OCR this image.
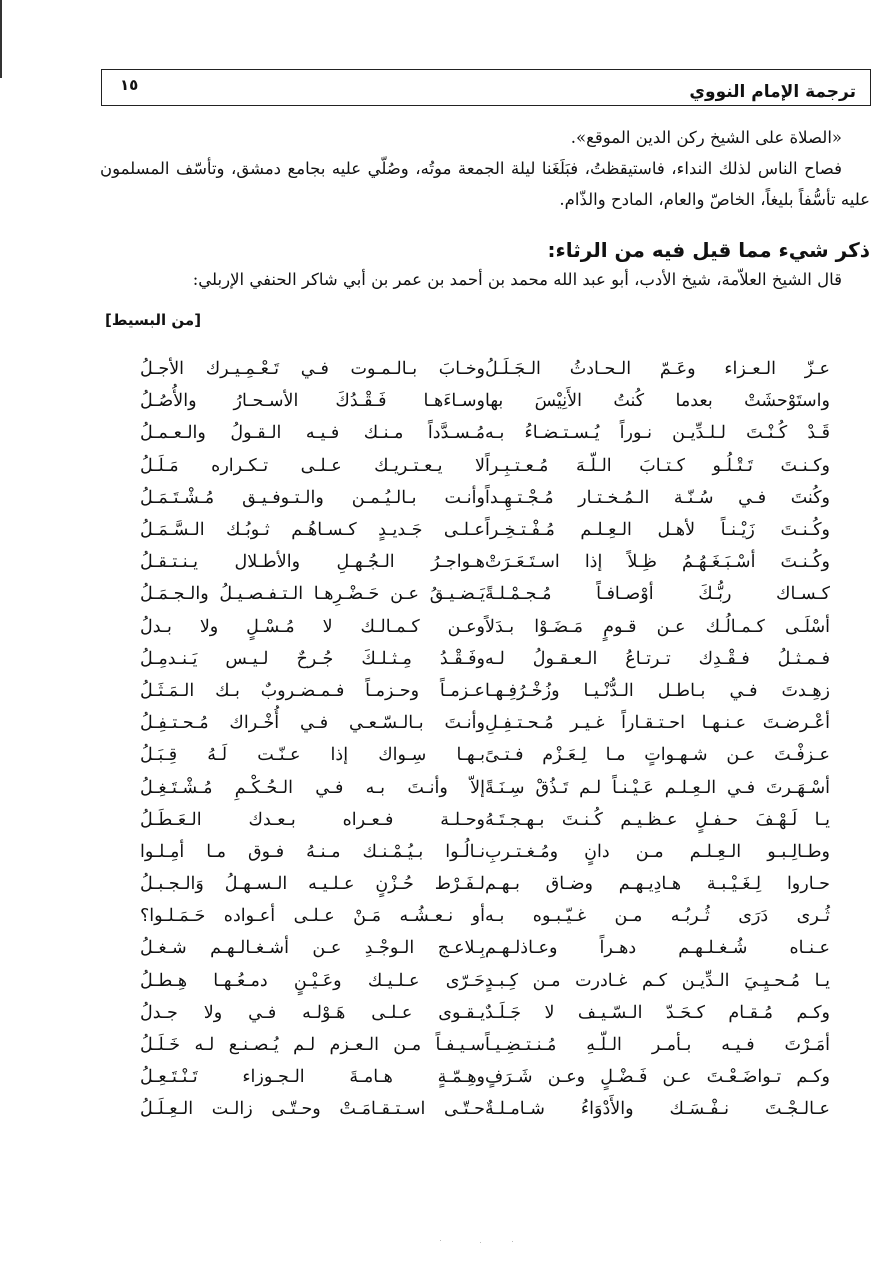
ترجمة الإمام النووي
١٥

«الصلاة على الشيخ ركن الدين الموقع».

فصاح الناس لذلك النداء، فاستيقظتُ، فبَلَغَنا ليلة الجمعة موتُه، وصُلّي عليه بجامع دمشق، وتأسّف المسلمون عليه تأسُّفاً بليغاً، الخاصّ والعام، المادح والذّام.

ذكر شيء مما قيل فيه من الرثاء:

قال الشيخ العلاّمة، شيخ الأدب، أبو عبد الله محمد بن أحمد بن عمر بن أبي شاكر الحنفي الإربلي:

[من البسيط]

عـزّ الـعـزاء وعَـمّ الـحـادثُ الـجَـلَـلُ
وخـابَ بـالـمـوت فـي تَـعْـمِـيـرك الأجـلُ
واستَوْحشَتْ بعدما كُنتُ الأَنِيْسَ بها
وسـاءَهـا فَـقْـدُكَ الأسـحـارُ والأُصُـلُ
قَـدْ كُـنْـتَ لـلـدِّيـن نـوراً يُـسـتـضـاءُ بـه
مُـسـدَّداً مـنـك فـيـه الـقـولُ والـعـمـلُ
وكـنـتَ تَـتْـلُـو كـتـابَ الـلّـهَ مُـعـتـبِـراً
لا يـعـتـريـك عـلـى تـكـراره مَـلَـلُ
وكُنتَ فـي سُـنّـة الـمُـخـتـار مُـجْـتـهِـداً
وأنـت بـالـيُـمـن والـتـوفـيـق مُـشْـتَـمَـلُ
وكُـنـتَ زَيْـنـاً لأهـل الـعِـلـم مُـفْـتـخِـراً
عـلـى جَـديـدٍ كـسـاهُـم ثـوبُـك الـسَّـمَـلُ
وكُـنـتَ أسْـبَـغَـهُـمُ ظِـلاً إذا اسـتَـعَـرَتْ
هـواجـرُ الـجُـهـلِ والأطـلال يـنـتـقـلُ
كـسـاك ربُّـكَ أوْصـافـاً مُـجـمْـلـةً
يَـضـيـقُ عـن حَـضْـرِهـا الـتـفـصـيـلُ والـجـمَـلُ
أسْلَـى كـمـالُـك عـن قـومٍ مَـضَـوْا بـدَلاً
وعـن كـمـالـك لا مُـسْـلٍ ولا بـدلُ
فـمـثـلُ فـقْـدِك تـرتـاعُ الـعـقـولُ لـه
وفَـقْـدُ مِـثـلـكَ جُـرحٌ لـيـس يَـنـدمِـلُ
زهِـدتَ فـي بـاطـل الـدُّنْـيـا وزُخْـرُفِـهـا
عـزمـاً وحـزمـاً فـمـضـروبٌ بـك الـمَـثَـلُ
أعْـرضـتَ عـنـهـا احـتـقـاراً غـيـر مُـحـتـفِـلِ
وأنـتَ بـالـسّـعـي فـي أُخْـراك مُـحـتـفِـلُ
عـزفْـتَ عـن شـهـواتٍ مـا لِـعَـزْم فـتـىً
بـهـا سِـواك إذا عـنّـت لَـهُ قِـبَـلُ
أسْـهَـرتَ فـي الـعِـلـم عَـيْـنـاً لـم تَـذُقْ سِـنَـةً
إلاّ وأنـتَ بـه فـي الـحُـكْـمِ مُـشْـتَـغِـلُ
يـا لَـهْـفَ حـفـلٍ عـظـيـم كُـنـتَ بـهـجـتَـهُ
وحـلـة فـعـراه بـعـدك الـعَـطَـلُ
وطـالِـبـو الـعِـلـم مـن دانٍ ومُـغـتـربِ
نـالُـوا بـيُـمْـنـك مـنـهُ فـوق مـا أمِـلـوا
حـاروا لِـغَـيْـبـة هـادِيـهـم وضـاق بـهـم
لـفَـرْط حُـزْنٍ عـلـيـه الـسـهـلُ وَالـجـبـلُ
ثُـرى دَرَى ثُـربُـه مـن غـيّـبـوه بـه
أو نـعـشُـه مَـنْ عـلـى أعـواده حَـمَـلـوا؟
عـنـاه شُـغـلـهـم دهـراً وعـاذلـهـم
بِـلاعـج الـوجْـدِ عـن أشـغـالـهـم شـغـلُ
يـا مُـحـيِـيَ الـدِّيـن كـم غـادرت مـن كِـبـدٍ
حَـرّى عـلـيـك وعَـيْـنٍ دمـعُـهـا هِـطـلُ
وكـم مُـقـام كـحَـدّ الـسّـيـف لا جَـلَـدٌ
يـقـوى عـلـى هَـوْلـه فـي ولا جـدلُ
أمَـرْتَ فـيـه بـأمـر الـلّـهِ مُـنـتـضِـيـاً
سـيـفـاً مـن الـعـزم لـم يُـصـنـع لـه خَـلَـلُ
وكـم تـواضَـعْـتَ عـن فَـضْـلٍ وعـن شَـرَفٍ
وهِـمّـةٍ هـامـةَ الـجـوزاء تَـنْـتَـعِـلُ
عـالـجْـتَ نـفْـسَـك والأَدْوَاءُ شـامـلـةٌ
حـتّـى اسـتـقـامَـتْ وحـتّـى زالـت الـعِـلَـلُ
